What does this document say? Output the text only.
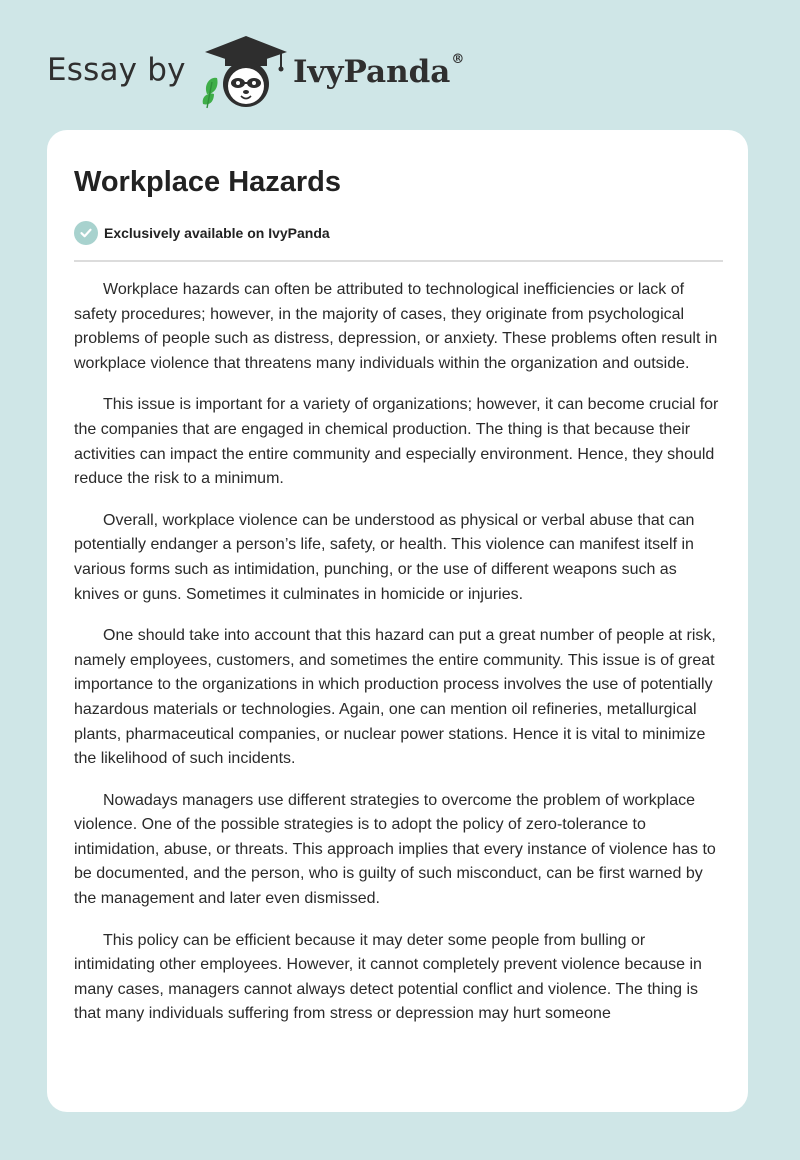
Essay by	IvyPanda®
Workplace Hazards
Exclusively available on IvyPanda

Workplace hazards can often be attributed to technological inefficiencies or lack of safety procedures; however, in the majority of cases, they originate from psychological problems of people such as distress, depression, or anxiety. These problems often result in workplace violence that threatens many individuals within the organization and outside.

This issue is important for a variety of organizations; however, it can become crucial for the companies that are engaged in chemical production. The thing is that because their activities can impact the entire community and especially environment. Hence, they should reduce the risk to a minimum.

Overall, workplace violence can be understood as physical or verbal abuse that can potentially endanger a person’s life, safety, or health. This violence can manifest itself in various forms such as intimidation, punching, or the use of different weapons such as knives or guns. Sometimes it culminates in homicide or injuries.

One should take into account that this hazard can put a great number of people at risk, namely employees, customers, and sometimes the entire community. This issue is of great importance to the organizations in which production process involves the use of potentially hazardous materials or technologies. Again, one can mention oil refineries, metallurgical plants, pharmaceutical companies, or nuclear power stations. Hence it is vital to minimize the likelihood of such incidents.

Nowadays managers use different strategies to overcome the problem of workplace violence. One of the possible strategies is to adopt the policy of zero-tolerance to intimidation, abuse, or threats. This approach implies that every instance of violence has to be documented, and the person, who is guilty of such misconduct, can be first warned by the management and later even dismissed.

This policy can be efficient because it may deter some people from bulling or intimidating other employees. However, it cannot completely prevent violence because in many cases, managers cannot always detect potential conflict and violence. The thing is that many individuals suffering from stress or depression may hurt someone
